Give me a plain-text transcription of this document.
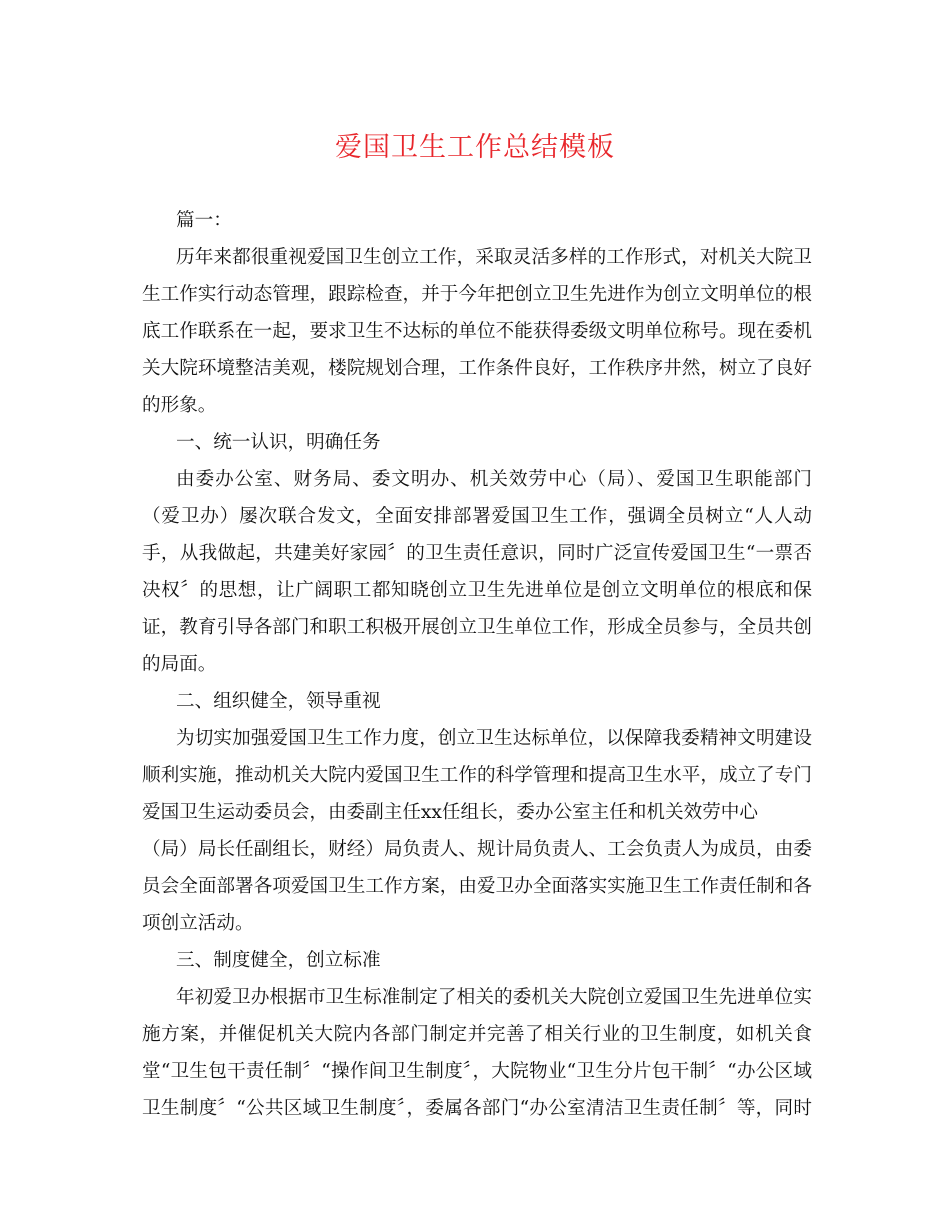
爱国卫生工作总结模板
篇一：
历年来都很重视爱国卫生创立工作，采取灵活多样的工作形式，对机关大院卫
生工作实行动态管理，跟踪检查，并于今年把创立卫生先进作为创立文明单位的根
底工作联系在一起，要求卫生不达标的单位不能获得委级文明单位称号。现在委机
关大院环境整洁美观，楼院规划合理，工作条件良好，工作秩序井然，树立了良好
的形象。
一、统一认识，明确任务
由委办公室、财务局、委文明办、机关效劳中心（局）、爱国卫生职能部门
（爱卫办）屡次联合发文，全面安排部署爱国卫生工作，强调全员树立“人人动
手，从我做起，共建美好家园〞的卫生责任意识，同时广泛宣传爱国卫生“一票否
决权〞的思想，让广阔职工都知晓创立卫生先进单位是创立文明单位的根底和保
证，教育引导各部门和职工积极开展创立卫生单位工作，形成全员参与，全员共创
的局面。
二、组织健全，领导重视
为切实加强爱国卫生工作力度，创立卫生达标单位，以保障我委精神文明建设
顺利实施，推动机关大院内爱国卫生工作的科学管理和提高卫生水平，成立了专门
爱国卫生运动委员会，由委副主任xx任组长，委办公室主任和机关效劳中心
（局）局长任副组长，财经）局负责人、规计局负责人、工会负责人为成员，由委
员会全面部署各项爱国卫生工作方案，由爱卫办全面落实实施卫生工作责任制和各
项创立活动。
三、制度健全，创立标准
年初爱卫办根据市卫生标准制定了相关的委机关大院创立爱国卫生先进单位实
施方案，并催促机关大院内各部门制定并完善了相关行业的卫生制度，如机关食
堂“卫生包干责任制〞“操作间卫生制度〞，大院物业“卫生分片包干制〞“办公区域
卫生制度〞“公共区域卫生制度〞，委属各部门“办公室清洁卫生责任制〞等，同时
